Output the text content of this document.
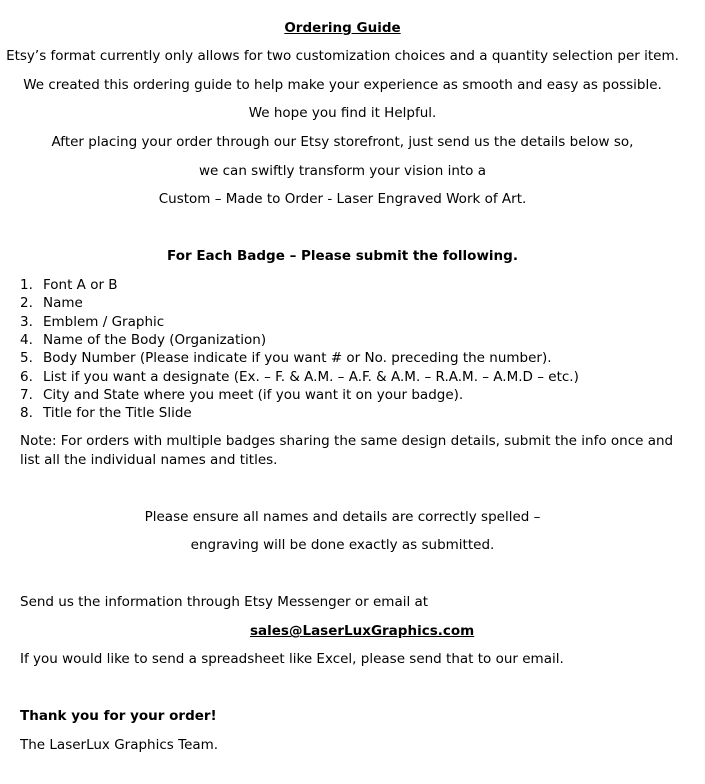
Ordering Guide
Etsy’s format currently only allows for two customization choices and a quantity selection per item.
We created this ordering guide to help make your experience as smooth and easy as possible.
We hope you find it Helpful.
After placing your order through our Etsy storefront, just send us the details below so,
we can swiftly transform your vision into a
Custom – Made to Order - Laser Engraved Work of Art.
For Each Badge – Please submit the following.
1. Font A or B
2. Name
3. Emblem / Graphic
4. Name of the Body (Organization)
5. Body Number (Please indicate if you want # or No. preceding the number).
6. List if you want a designate (Ex. – F. & A.M. – A.F. & A.M. – R.A.M. – A.M.D – etc.)
7. City and State where you meet (if you want it on your badge).
8. Title for the Title Slide
Note: For orders with multiple badges sharing the same design details, submit the info once and list all the individual names and titles.
Please ensure all names and details are correctly spelled –
engraving will be done exactly as submitted.
Send us the information through Etsy Messenger or email at
sales@LaserLuxGraphics.com
If you would like to send a spreadsheet like Excel, please send that to our email.
Thank you for your order!
The LaserLux Graphics Team.
